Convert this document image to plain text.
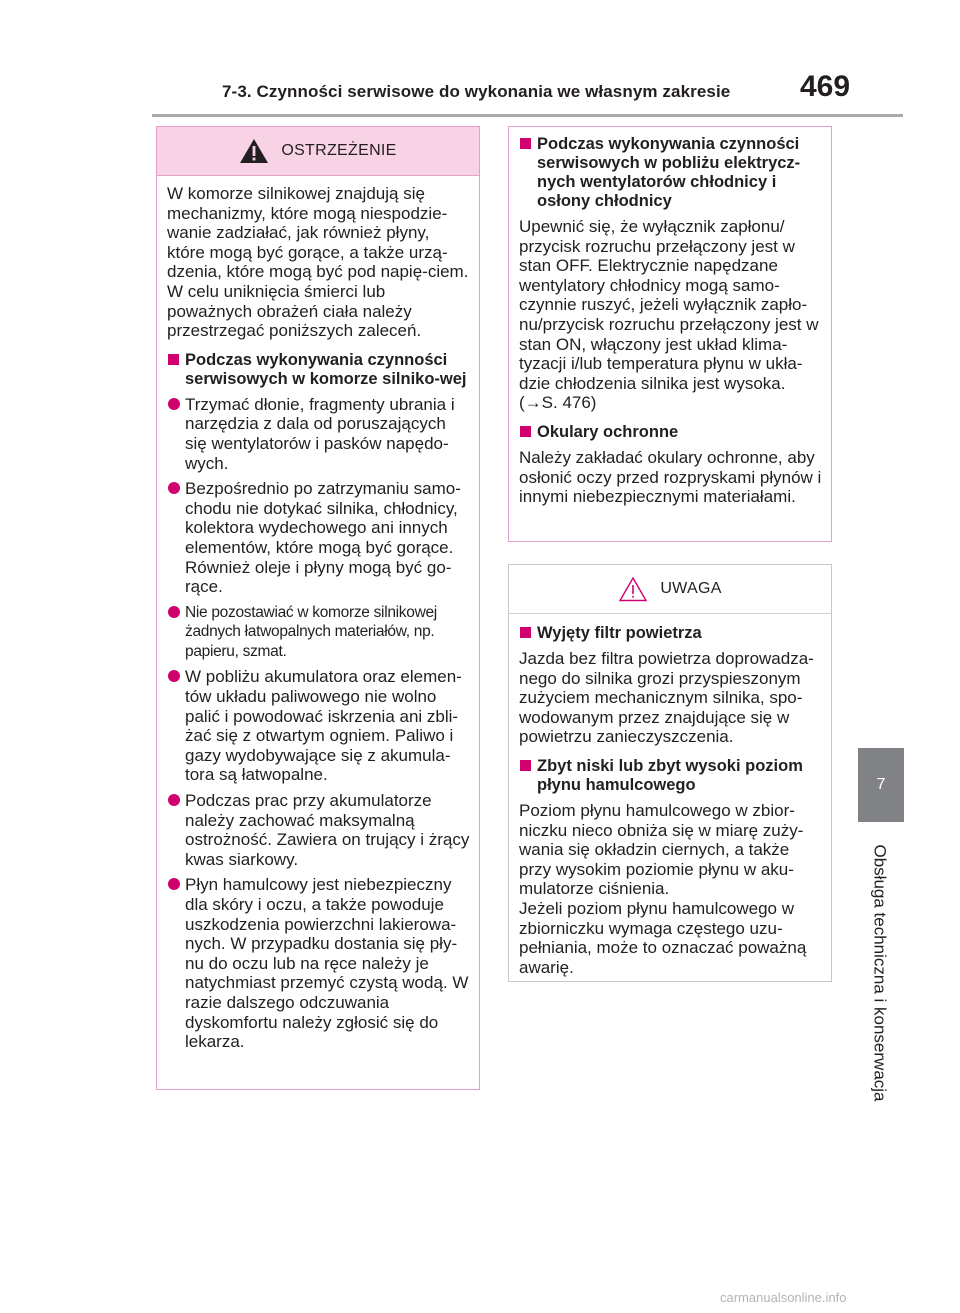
7-3. Czynności serwisowe do wykonania we własnym zakresie 469
7
Obsługa techniczna i konserwacja
OSTRZEŻENIE

W komorze silnikowej znajdują się mechanizmy, które mogą niespodzie-wanie zadziałać, jak również płyny, które mogą być gorące, a także urzą-dzenia, które mogą być pod napię-ciem. W celu uniknięcia śmierci lub poważnych obrażeń ciała należy przestrzegać poniższych zaleceń.

Podczas wykonywania czynności serwisowych w komorze silniko-wej

Trzymać dłonie, fragmenty ubrania i narzędzia z dala od poruszających się wentylatorów i pasków napędo-wych.

Bezpośrednio po zatrzymaniu samo-chodu nie dotykać silnika, chłodnicy, kolektora wydechowego ani innych elementów, które mogą być gorące. Również oleje i płyny mogą być go-rące.

Nie pozostawiać w komorze silnikowej żadnych łatwopalnych materiałów, np. papieru, szmat.

W pobliżu akumulatora oraz elemen-tów układu paliwowego nie wolno palić i powodować iskrzenia ani zbli-żać się z otwartym ogniem. Paliwo i gazy wydobywające się z akumula-tora są łatwopalne.

Podczas prac przy akumulatorze należy zachować maksymalną ostrożność. Zawiera on trujący i żrący kwas siarkowy.

Płyn hamulcowy jest niebezpieczny dla skóry i oczu, a także powoduje uszkodzenia powierzchni lakierowa-nych. W przypadku dostania się pły-nu do oczu lub na ręce należy je natychmiast przemyć czystą wodą. W razie dalszego odczuwania dyskomfortu należy zgłosić się do lekarza.

Podczas wykonywania czynności serwisowych w pobliżu elektrycz-nych wentylatorów chłodnicy i osłony chłodnicy

Upewnić się, że wyłącznik zapłonu/ przycisk rozruchu przełączony jest w stan OFF. Elektrycznie napędzane wentylatory chłodnicy mogą samo-czynnie ruszyć, jeżeli wyłącznik zapło-nu/przycisk rozruchu przełączony jest w stan ON, włączony jest układ klima-tyzacji i/lub temperatura płynu w ukła-dzie chłodzenia silnika jest wysoka. (→S. 476)

Okulary ochronne

Należy zakładać okulary ochronne, aby osłonić oczy przed rozpryskami płynów i innymi niebezpiecznymi materiałami.

UWAGA

Wyjęty filtr powietrza

Jazda bez filtra powietrza doprowadza-nego do silnika grozi przyspieszonym zużyciem mechanicznym silnika, spo-wodowanym przez znajdujące się w powietrzu zanieczyszczenia.

Zbyt niski lub zbyt wysoki poziom płynu hamulcowego

Poziom płynu hamulcowego w zbior-niczku nieco obniża się w miarę zuży-wania się okładzin ciernych, a także przy wysokim poziomie płynu w aku-mulatorze ciśnienia.

Jeżeli poziom płynu hamulcowego w zbiorniczku wymaga częstego uzu-pełniania, może to oznaczać poważną awarię.

carmanualsonline.info
